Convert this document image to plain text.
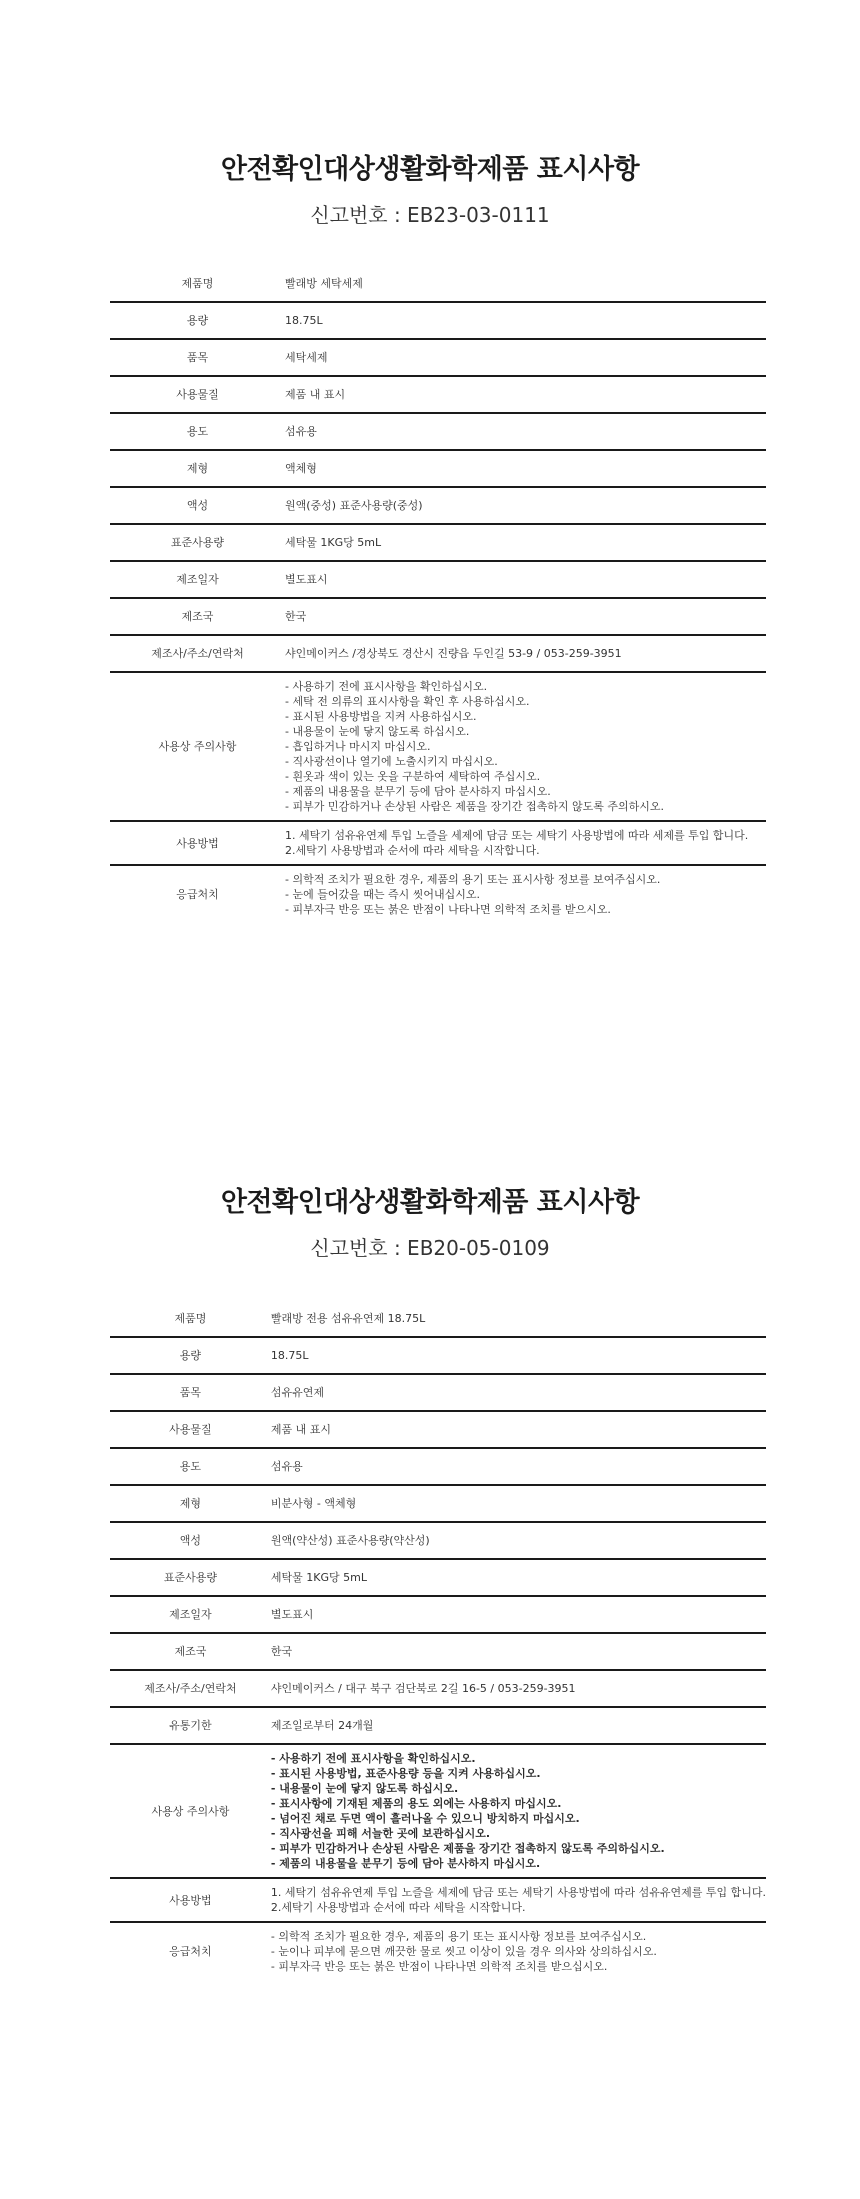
안전확인대상생활화학제품 표시사항
신고번호 : EB23-03-0111
제품명	빨래방 세탁세제
용량	18.75L
품목	세탁세제
사용물질	제품 내 표시
용도	섬유용
제형	액체형
액성	원액(중성) 표준사용량(중성)
표준사용량	세탁물 1KG당 5mL
제조일자	별도표시
제조국	한국
제조사/주소/연락처	샤인메이커스 /경상북도 경산시 진량읍 두인길 53-9 / 053-259-3951
사용상 주의사항	
- 사용하기 전에 표시사항을 확인하십시오.
- 세탁 전 의류의 표시사항을 확인 후 사용하십시오.
- 표시된 사용방법을 지켜 사용하십시오.
- 내용물이 눈에 닿지 않도록 하십시오.
- 흡입하거나 마시지 마십시오.
- 직사광선이나 열기에 노출시키지 마십시오.
- 흰옷과 색이 있는 옷을 구분하여 세탁하여 주십시오.
- 제품의 내용물을 분무기 등에 담아 분사하지 마십시오.
- 피부가 민감하거나 손상된 사람은 제품을 장기간 접촉하지 않도록 주의하시오.

사용방법	1. 세탁기 섬유유연제 투입 노즐을 세제에 담금 또는 세탁기 사용방법에 따라 세제를 투입 합니다.
2.세탁기 사용방법과 순서에 따라 세탁을 시작합니다.

응급처치	- 의학적 조치가 필요한 경우, 제품의 용기 또는 표시사항 정보를 보여주십시오.
- 눈에 들어갔을 때는 즉시 씻어내십시오.
- 피부자극 반응 또는 붉은 반점이 나타나면 의학적 조치를 받으시오.
안전확인대상생활화학제품 표시사항
신고번호 : EB20-05-0109
제품명	빨래방 전용 섬유유연제 18.75L
용량	18.75L
품목	섬유유연제
사용물질	제품 내 표시
용도	섬유용
제형	비분사형 - 액체형
액성	원액(약산성) 표준사용량(약산성)
표준사용량	세탁물 1KG당 5mL
제조일자	별도표시
제조국	한국
제조사/주소/연락처	샤인메이커스 / 대구 북구 검단북로 2길 16-5 / 053-259-3951
유통기한	제조일로부터 24개월
사용상 주의사항	
- 사용하기 전에 표시사항을 확인하십시오.
- 표시된 사용방법, 표준사용량 등을 지켜 사용하십시오.
- 내용물이 눈에 닿지 않도록 하십시오.
- 표시사항에 기재된 제품의 용도 외에는 사용하지 마십시오.
- 넘어진 채로 두면 액이 흘러나올 수 있으니 방치하지 마십시오.
- 직사광선을 피해 서늘한 곳에 보관하십시오.
- 피부가 민감하거나 손상된 사람은 제품을 장기간 접촉하지 않도록 주의하십시오.
- 제품의 내용물을 분무기 등에 담아 분사하지 마십시오.

사용방법	1. 세탁기 섬유유연제 투입 노즐을 세제에 담금 또는 세탁기 사용방법에 따라 섬유유연제를 투입 합니다.
2.세탁기 사용방법과 순서에 따라 세탁을 시작합니다.

응급처치	- 의학적 조치가 필요한 경우, 제품의 용기 또는 표시사항 정보를 보여주십시오.
- 눈이나 피부에 묻으면 깨끗한 물로 씻고 이상이 있을 경우 의사와 상의하십시오.
- 피부자극 반응 또는 붉은 반점이 나타나면 의학적 조치를 받으십시오.
